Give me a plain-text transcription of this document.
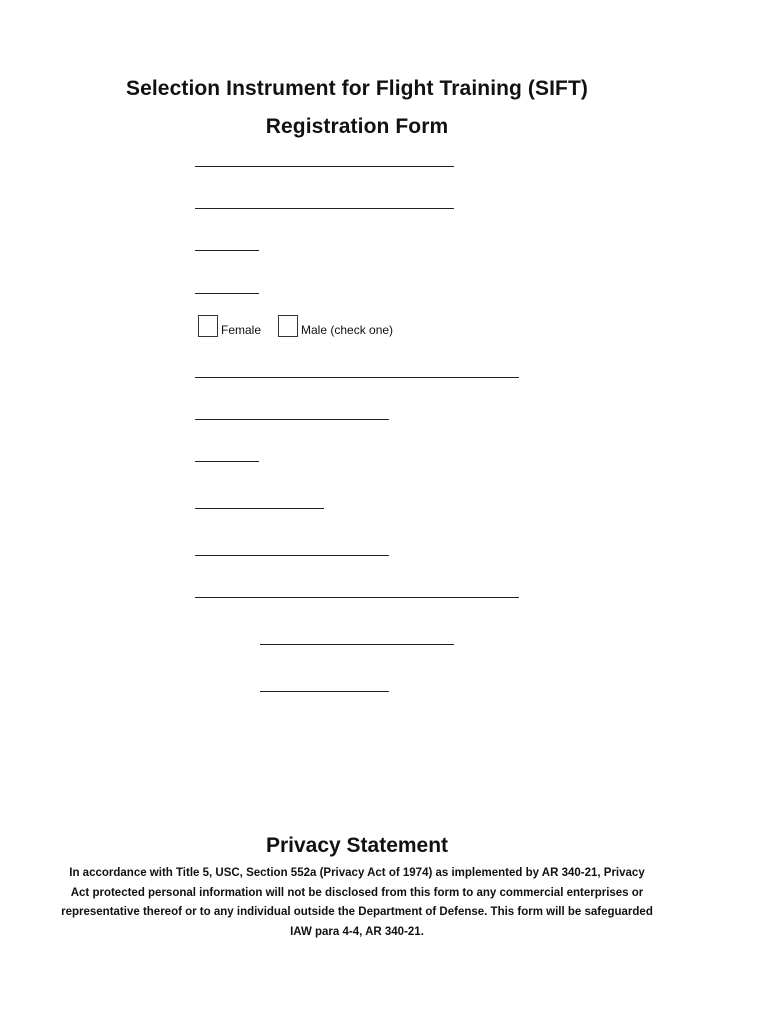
Selection Instrument for Flight Training (SIFT)
Registration Form
Female	Male (check one)
Privacy Statement
In accordance with Title 5, USC, Section 552a (Privacy Act of 1974) as implemented by AR 340-21, Privacy Act protected personal information will not be disclosed from this form to any commercial enterprises or representative thereof or to any individual outside the Department of Defense. This form will be safeguarded IAW para 4-4, AR 340-21.
